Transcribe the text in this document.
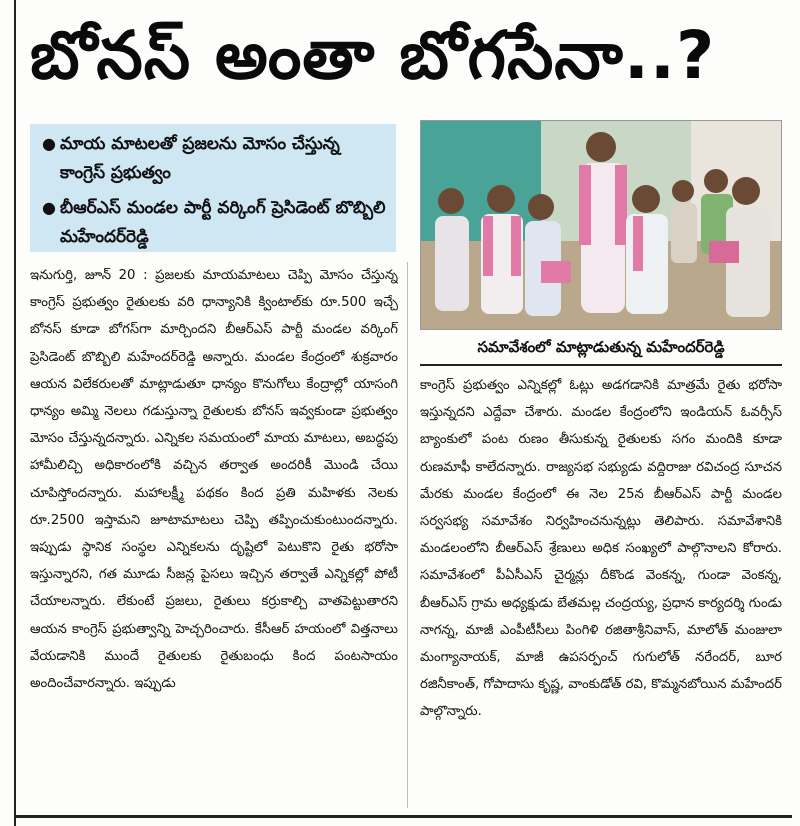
బోనస్ అంతా బోగసేనా..?
● మాయ మాటలతో ప్రజలను మోసం చేస్తున్న కాంగ్రెస్ ప్రభుత్వం
● బీఆర్ఎస్ మండల పార్టీ వర్కింగ్ ప్రెసిడెంట్ బొబ్బిలి మహేందర్‌రెడ్డి
సమావేశంలో మాట్లాడుతున్న మహేందర్‌రెడ్డి

ఇనుగుర్తి, జూన్ 20 : ప్రజలకు మాయమాటలు చెప్పి మోసం చేస్తున్న కాంగ్రెస్ ప్రభుత్వం రైతులకు వరి ధాన్యానికి క్వింటాల్‌కు రూ.500 ఇచ్చే బోనస్ కూడా బోగస్‌గా మార్చిందని బీఆర్ఎస్ పార్టీ మండల వర్కింగ్ ప్రెసిడెంట్ బొబ్బిలి మహేందర్‌రెడ్డి అన్నారు. మండల కేంద్రంలో శుక్రవారం ఆయన విలేకరులతో మాట్లాడుతూ ధాన్యం కొనుగోలు కేంద్రాల్లో యాసంగి ధాన్యం అమ్మి నెలలు గడుస్తున్నా రైతులకు బోనస్ ఇవ్వకుండా ప్రభుత్వం మోసం చేస్తున్నదన్నారు. ఎన్నికల సమయంలో మాయ మాటలు, అబద్ధపు హామీలిచ్చి అధికారంలోకి వచ్చిన తర్వాత అందరికీ మొండి చేయి చూపిస్తోందన్నారు. మహాలక్ష్మీ పథకం కింద ప్రతి మహిళకు నెలకు రూ.2500 ఇస్తామని జూటామాటలు చెప్పి తప్పించుకుంటుందన్నారు. ఇప్పుడు స్థానిక సంస్థల ఎన్నికలను దృష్టిలో పెటుకొని రైతు భరోసా ఇస్తున్నారని, గత మూడు సీజన్ల పైసలు ఇచ్చిన తర్వాతే ఎన్నికల్లో పోటీ చేయాలన్నారు. లేకుంటే ప్రజలు, రైతులు కర్రుకాల్చి వాతపెట్టుతారని ఆయన కాంగ్రెస్ ప్రభుత్వాన్ని హెచ్చరించారు. కేసీఆర్ హయంలో విత్తనాలు వేయడానికి ముందే రైతులకు రైతుబంధు కింద పంటసాయం అందించేవారన్నారు. ఇప్పుడు

కాంగ్రెస్ ప్రభుత్వం ఎన్నికల్లో ఓట్లు అడగడానికి మాత్రమే రైతు భరోసా ఇస్తున్నదని ఎద్దేవా చేశారు. మండల కేంద్రంలోని ఇండియన్ ఓవర్సీస్ బ్యాంకులో పంట రుణం తీసుకున్న రైతులకు సగం మందికి కూడా రుణమాఫీ కాలేదన్నారు. రాజ్యసభ సభ్యుడు వద్దిరాజు రవిచంద్ర సూచన మేరకు మండల కేంద్రంలో ఈ నెల 25న బీఆర్ఎస్ పార్టీ మండల సర్వసభ్య సమావేశం నిర్వహించనున్నట్లు తెలిపారు. సమావేశానికి మండలంలోని బీఆర్ఎస్ శ్రేణులు అధిక సంఖ్యలో పాల్గొనాలని కోరారు. సమావేశంలో పీఏసీఎస్ చైర్మన్లు దీకొండ వెంకన్న, గుండా వెంకన్న, బీఆర్ఎస్ గ్రామ అధ్యక్షుడు బేతమల్ల చంద్రయ్య, ప్రధాన కార్యదర్శి గుండు నాగన్న, మాజీ ఎంపీటీసీలు పింగిళి రజితాశ్రీనివాస్, మాలోత్ మంజులా మంగ్యానాయక్, మాజీ ఉపసర్పంచ్ గుగులోత్ నరేందర్, బూర రజినీకాంత్, గోపాదాసు కృష్ణ, వాంకుడోత్ రవి, కొమ్మనబోయిన మహేందర్ పాల్గొన్నారు.
